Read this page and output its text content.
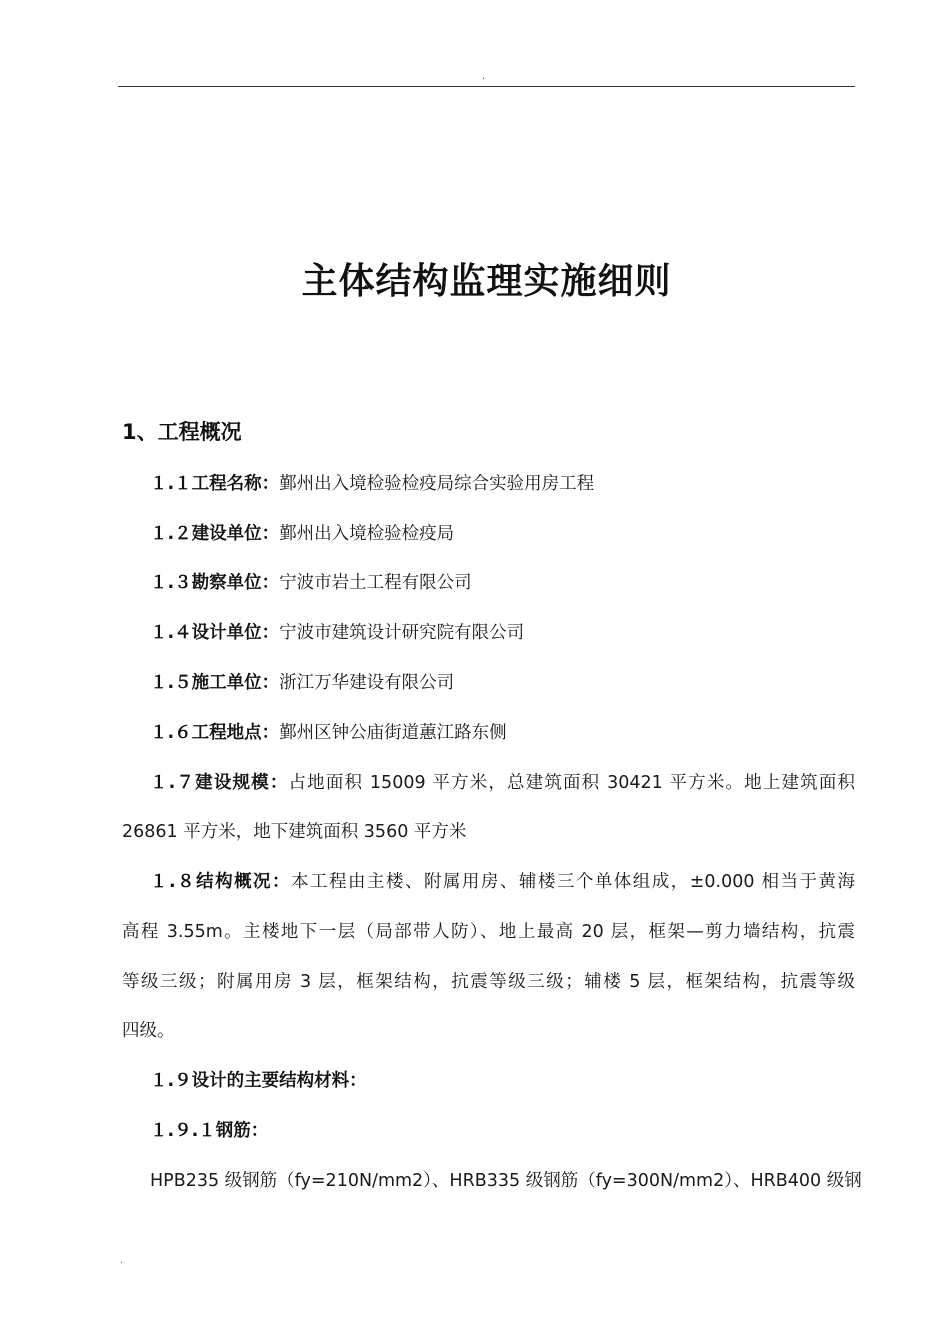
.
主体结构监理实施细则
1、工程概况
１.１工程名称：鄞州出入境检验检疫局综合实验用房工程
１.２建设单位：鄞州出入境检验检疫局
１.３勘察单位：宁波市岩土工程有限公司
１.４设计单位：宁波市建筑设计研究院有限公司
１.５施工单位：浙江万华建设有限公司
１.６工程地点：鄞州区钟公庙街道蕙江路东侧
１.７建设规模：占地面积 15009 平方米，总建筑面积 30421 平方米。地上建筑面积
26861 平方米，地下建筑面积 3560 平方米
１.８结构概况：本工程由主楼、附属用房、辅楼三个单体组成，±0.000 相当于黄海
高程 3.55m。主楼地下一层（局部带人防）、地上最高 20 层，框架—剪力墙结构，抗震
等级三级；附属用房 3 层，框架结构，抗震等级三级；辅楼 5 层，框架结构，抗震等级
四级。
１.９设计的主要结构材料：
１.９.１钢筋：
HPB235 级钢筋（fy=210N/mm2）、HRB335 级钢筋（fy=300N/mm2）、HRB400 级钢
.
